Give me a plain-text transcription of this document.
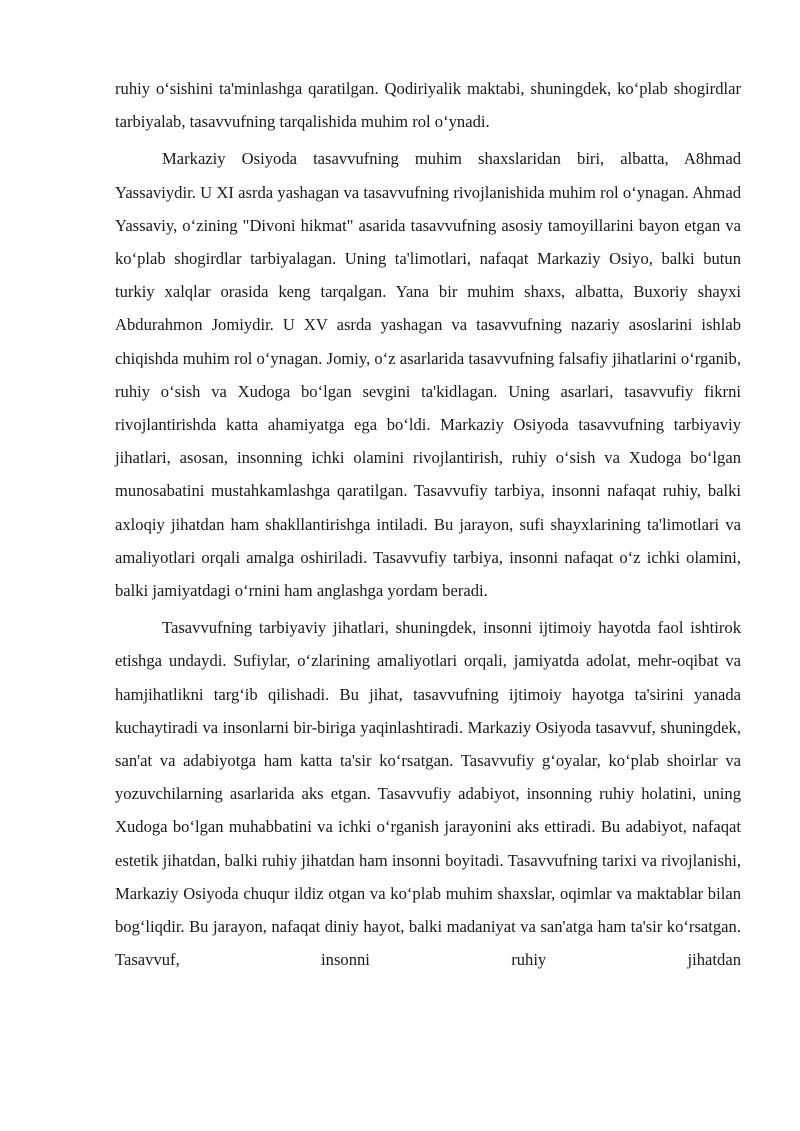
ruhiy o‘sishini ta'minlashga qaratilgan. Qodiriyalik maktabi, shuningdek, ko‘plab shogirdlar tarbiyalab, tasavvufning tarqalishida muhim rol o‘ynadi.

Markaziy Osiyoda tasavvufning muhim shaxslaridan biri, albatta, A8hmad Yassaviydir. U XI asrda yashagan va tasavvufning rivojlanishida muhim rol o‘ynagan. Ahmad Yassaviy, o‘zining "Divoni hikmat" asarida tasavvufning asosiy tamoyillarini bayon etgan va ko‘plab shogirdlar tarbiyalagan. Uning ta'limotlari, nafaqat Markaziy Osiyo, balki butun turkiy xalqlar orasida keng tarqalgan. Yana bir muhim shaxs, albatta, Buxoriy shayxi Abdurahmon Jomiydir. U XV asrda yashagan va tasavvufning nazariy asoslarini ishlab chiqishda muhim rol o‘ynagan. Jomiy, o‘z asarlarida tasavvufning falsafiy jihatlarini o‘rganib, ruhiy o‘sish va Xudoga bo‘lgan sevgini ta'kidlagan. Uning asarlari, tasavvufiy fikrni rivojlantirishda katta ahamiyatga ega bo‘ldi. Markaziy Osiyoda tasavvufning tarbiyaviy jihatlari, asosan, insonning ichki olamini rivojlantirish, ruhiy o‘sish va Xudoga bo‘lgan munosabatini mustahkamlashga qaratilgan. Tasavvufiy tarbiya, insonni nafaqat ruhiy, balki axloqiy jihatdan ham shakllantirishga intiladi. Bu jarayon, sufi shayxlarining ta'limotlari va amaliyotlari orqali amalga oshiriladi. Tasavvufiy tarbiya, insonni nafaqat o‘z ichki olamini, balki jamiyatdagi o‘rnini ham anglashga yordam beradi.

Tasavvufning tarbiyaviy jihatlari, shuningdek, insonni ijtimoiy hayotda faol ishtirok etishga undaydi. Sufiylar, o‘zlarining amaliyotlari orqali, jamiyatda adolat, mehr-oqibat va hamjihatlikni targ‘ib qilishadi. Bu jihat, tasavvufning ijtimoiy hayotga ta'sirini yanada kuchaytiradi va insonlarni bir-biriga yaqinlashtiradi. Markaziy Osiyoda tasavvuf, shuningdek, san'at va adabiyotga ham katta ta'sir ko‘rsatgan. Tasavvufiy g‘oyalar, ko‘plab shoirlar va yozuvchilarning asarlarida aks etgan. Tasavvufiy adabiyot, insonning ruhiy holatini, uning Xudoga bo‘lgan muhabbatini va ichki o‘rganish jarayonini aks ettiradi. Bu adabiyot, nafaqat estetik jihatdan, balki ruhiy jihatdan ham insonni boyitadi. Tasavvufning tarixi va rivojlanishi, Markaziy Osiyoda chuqur ildiz otgan va ko‘plab muhim shaxslar, oqimlar va maktablar bilan bog‘liqdir. Bu jarayon, nafaqat diniy hayot, balki madaniyat va san'atga ham ta'sir ko‘rsatgan. Tasavvuf, insonni ruhiy jihatdan
